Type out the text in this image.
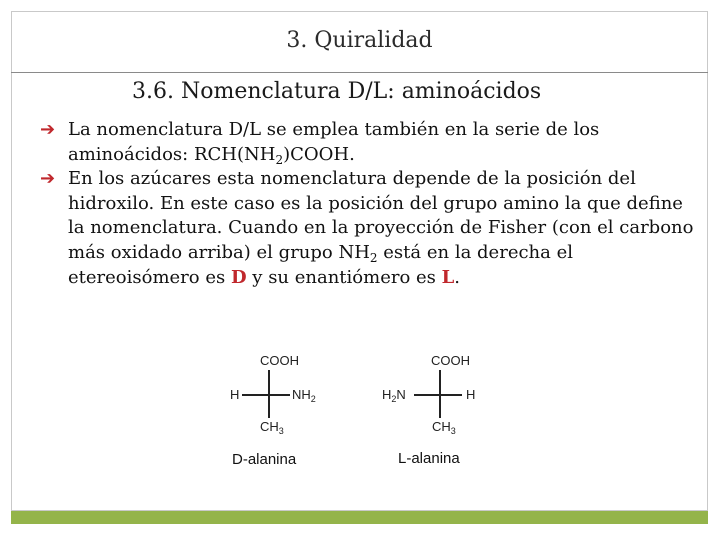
3. Quiralidad
3.6. Nomenclatura D/L: aminoácidos
➔ La nomenclatura D/L se emplea también en la serie de los aminoácidos: $RCH(NH_2)COOH$.
➔ En los azúcares esta nomenclatura depende de la posición del hidroxilo. En este caso es la posición del grupo amino la que define la nomenclatura. Cuando en la proyección de Fisher (con el carbono más oxidado arriba) el grupo $NH_2$ está en la derecha el etereoisómero es D y su enantiómero es L.
COOH
H	$NH_2$
$CH_3$
D-alanina
COOH
$H_2N$	H
$CH_3$
L-alanina
